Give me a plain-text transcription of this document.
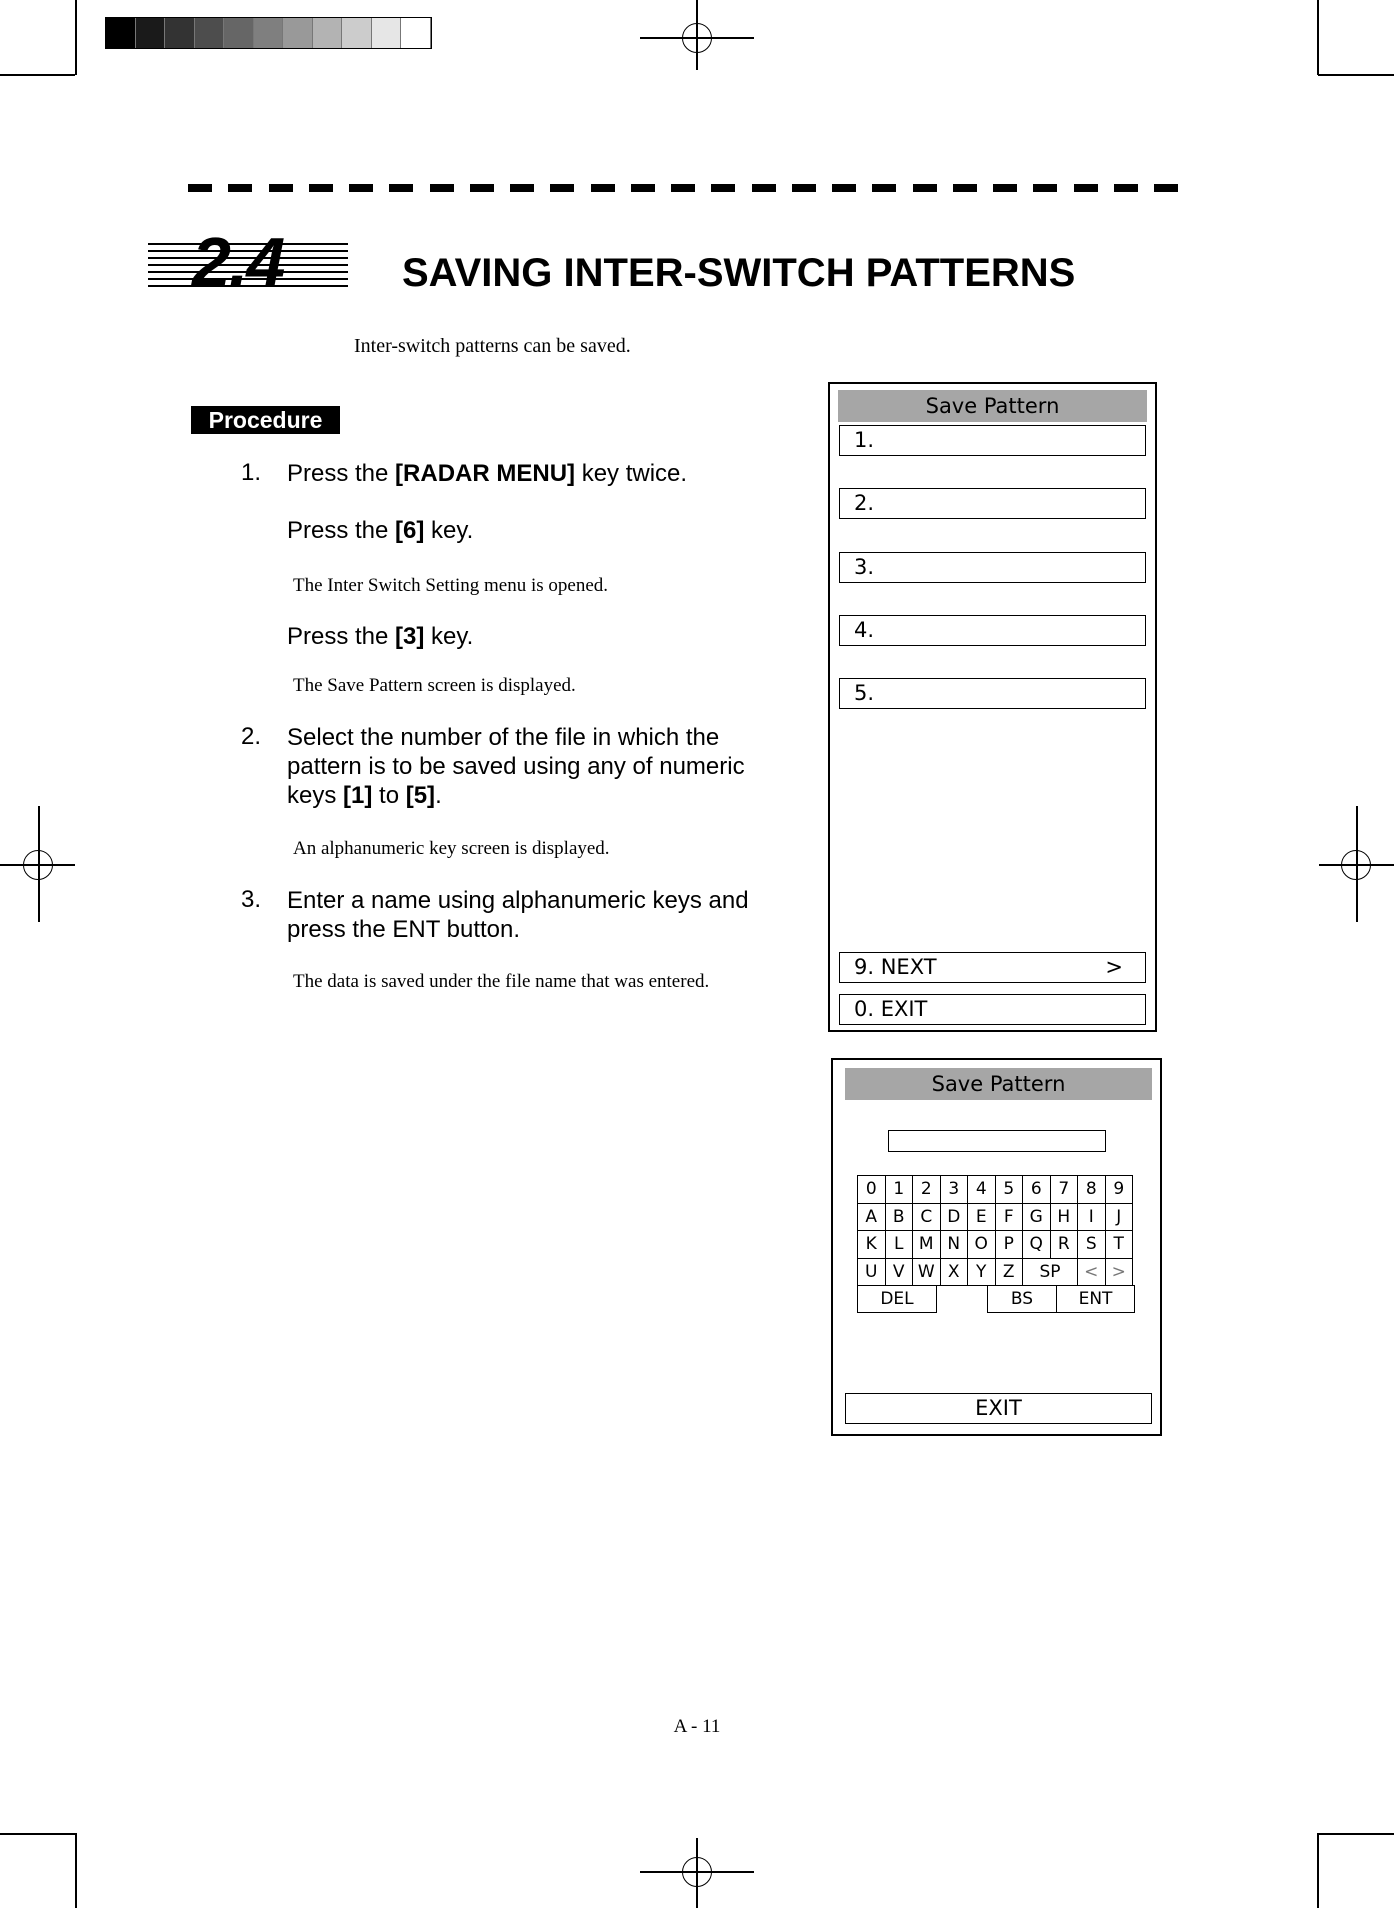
2.4	SAVING INTER-SWITCH PATTERNS
Inter-switch patterns can be saved.
Procedure
1. Press the [RADAR MENU] key twice.
Press the [6] key.
The Inter Switch Setting menu is opened.
Press the [3] key.
The Save Pattern screen is displayed.
2. Select the number of the file in which the
pattern is to be saved using any of numeric
keys [1] to [5].
An alphanumeric key screen is displayed.
3. Enter a name using alphanumeric keys and
press the ENT button.
The data is saved under the file name that was entered.
Save Pattern
1.
2.
3.
4.
5.
9. NEXT	>
0. EXIT
Save Pattern
0	1	2	3	4	5	6	7	8	9
A	B	C	D	E	F	G	H	I	J
K	L	M	N	O	P	Q	R	S	T
U	V	W	X	Y	Z	SP		<	>
DEL	BS	ENT
EXIT
A - 11
